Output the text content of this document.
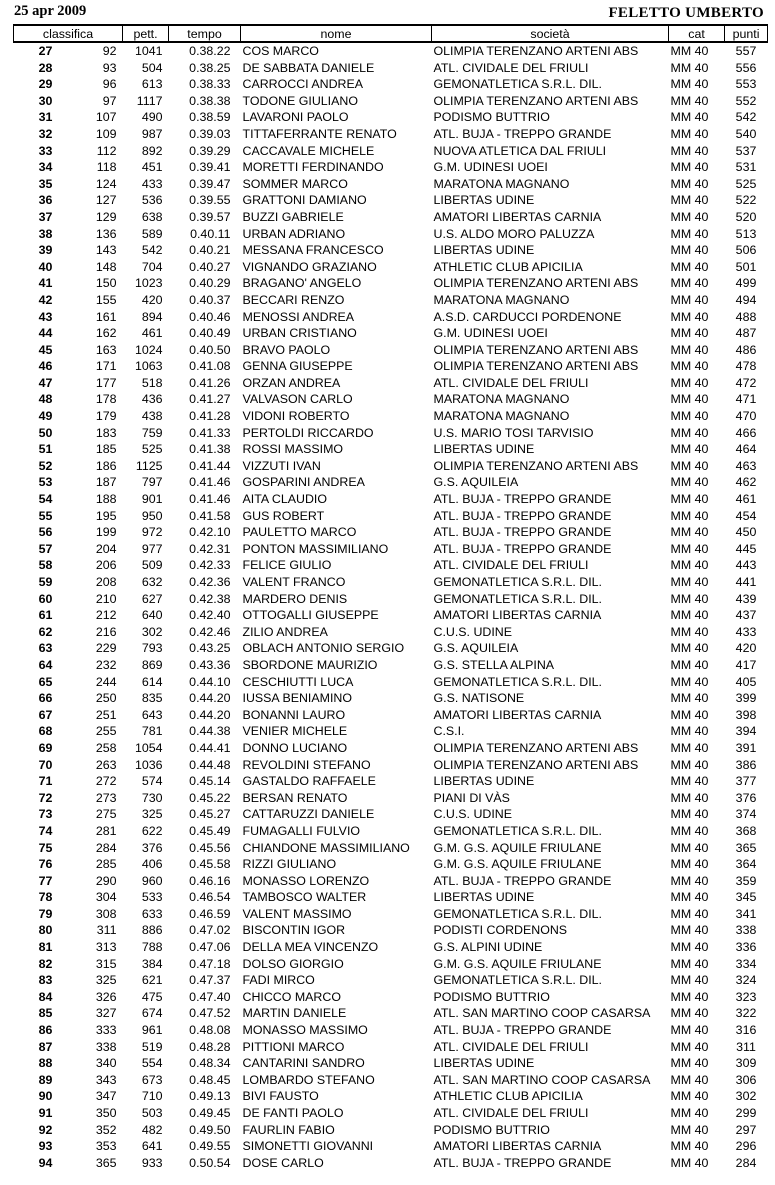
25 apr 2009	FELETTO UMBERTO
classifica		pett.	tempo	nome	società	cat	punti
27	92	1041	0.38.22	COS MARCO	OLIMPIA TERENZANO ARTENI ABS	MM 40	557
28	93	504	0.38.25	DE SABBATA DANIELE	ATL. CIVIDALE DEL FRIULI	MM 40	556
29	96	613	0.38.33	CARROCCI ANDREA	GEMONATLETICA S.R.L. DIL.	MM 40	553
30	97	1117	0.38.38	TODONE GIULIANO	OLIMPIA TERENZANO ARTENI ABS	MM 40	552
31	107	490	0.38.59	LAVARONI PAOLO	PODISMO BUTTRIO	MM 40	542
32	109	987	0.39.03	TITTAFERRANTE RENATO	ATL. BUJA - TREPPO GRANDE	MM 40	540
33	112	892	0.39.29	CACCAVALE MICHELE	NUOVA ATLETICA DAL FRIULI	MM 40	537
34	118	451	0.39.41	MORETTI FERDINANDO	G.M. UDINESI UOEI	MM 40	531
35	124	433	0.39.47	SOMMER MARCO	MARATONA MAGNANO	MM 40	525
36	127	536	0.39.55	GRATTONI DAMIANO	LIBERTAS UDINE	MM 40	522
37	129	638	0.39.57	BUZZI GABRIELE	AMATORI LIBERTAS CARNIA	MM 40	520
38	136	589	0.40.11	URBAN ADRIANO	U.S. ALDO MORO PALUZZA	MM 40	513
39	143	542	0.40.21	MESSANA FRANCESCO	LIBERTAS UDINE	MM 40	506
40	148	704	0.40.27	VIGNANDO GRAZIANO	ATHLETIC CLUB APICILIA	MM 40	501
41	150	1023	0.40.29	BRAGANO' ANGELO	OLIMPIA TERENZANO ARTENI ABS	MM 40	499
42	155	420	0.40.37	BECCARI RENZO	MARATONA MAGNANO	MM 40	494
43	161	894	0.40.46	MENOSSI ANDREA	A.S.D. CARDUCCI PORDENONE	MM 40	488
44	162	461	0.40.49	URBAN CRISTIANO	G.M. UDINESI UOEI	MM 40	487
45	163	1024	0.40.50	BRAVO PAOLO	OLIMPIA TERENZANO ARTENI ABS	MM 40	486
46	171	1063	0.41.08	GENNA GIUSEPPE	OLIMPIA TERENZANO ARTENI ABS	MM 40	478
47	177	518	0.41.26	ORZAN ANDREA	ATL. CIVIDALE DEL FRIULI	MM 40	472
48	178	436	0.41.27	VALVASON CARLO	MARATONA MAGNANO	MM 40	471
49	179	438	0.41.28	VIDONI ROBERTO	MARATONA MAGNANO	MM 40	470
50	183	759	0.41.33	PERTOLDI RICCARDO	U.S. MARIO TOSI TARVISIO	MM 40	466
51	185	525	0.41.38	ROSSI MASSIMO	LIBERTAS UDINE	MM 40	464
52	186	1125	0.41.44	VIZZUTI IVAN	OLIMPIA TERENZANO ARTENI ABS	MM 40	463
53	187	797	0.41.46	GOSPARINI ANDREA	G.S. AQUILEIA	MM 40	462
54	188	901	0.41.46	AITA CLAUDIO	ATL. BUJA - TREPPO GRANDE	MM 40	461
55	195	950	0.41.58	GUS ROBERT	ATL. BUJA - TREPPO GRANDE	MM 40	454
56	199	972	0.42.10	PAULETTO MARCO	ATL. BUJA - TREPPO GRANDE	MM 40	450
57	204	977	0.42.31	PONTON MASSIMILIANO	ATL. BUJA - TREPPO GRANDE	MM 40	445
58	206	509	0.42.33	FELICE GIULIO	ATL. CIVIDALE DEL FRIULI	MM 40	443
59	208	632	0.42.36	VALENT FRANCO	GEMONATLETICA S.R.L. DIL.	MM 40	441
60	210	627	0.42.38	MARDERO DENIS	GEMONATLETICA S.R.L. DIL.	MM 40	439
61	212	640	0.42.40	OTTOGALLI GIUSEPPE	AMATORI LIBERTAS CARNIA	MM 40	437
62	216	302	0.42.46	ZILIO ANDREA	C.U.S. UDINE	MM 40	433
63	229	793	0.43.25	OBLACH ANTONIO SERGIO	G.S. AQUILEIA	MM 40	420
64	232	869	0.43.36	SBORDONE MAURIZIO	G.S. STELLA ALPINA	MM 40	417
65	244	614	0.44.10	CESCHIUTTI LUCA	GEMONATLETICA S.R.L. DIL.	MM 40	405
66	250	835	0.44.20	IUSSA BENIAMINO	G.S. NATISONE	MM 40	399
67	251	643	0.44.20	BONANNI LAURO	AMATORI LIBERTAS CARNIA	MM 40	398
68	255	781	0.44.38	VENIER MICHELE	C.S.I.	MM 40	394
69	258	1054	0.44.41	DONNO LUCIANO	OLIMPIA TERENZANO ARTENI ABS	MM 40	391
70	263	1036	0.44.48	REVOLDINI STEFANO	OLIMPIA TERENZANO ARTENI ABS	MM 40	386
71	272	574	0.45.14	GASTALDO RAFFAELE	LIBERTAS UDINE	MM 40	377
72	273	730	0.45.22	BERSAN RENATO	PIANI DI VÀS	MM 40	376
73	275	325	0.45.27	CATTARUZZI DANIELE	C.U.S. UDINE	MM 40	374
74	281	622	0.45.49	FUMAGALLI FULVIO	GEMONATLETICA S.R.L. DIL.	MM 40	368
75	284	376	0.45.56	CHIANDONE MASSIMILIANO	G.M. G.S. AQUILE FRIULANE	MM 40	365
76	285	406	0.45.58	RIZZI GIULIANO	G.M. G.S. AQUILE FRIULANE	MM 40	364
77	290	960	0.46.16	MONASSO LORENZO	ATL. BUJA - TREPPO GRANDE	MM 40	359
78	304	533	0.46.54	TAMBOSCO WALTER	LIBERTAS UDINE	MM 40	345
79	308	633	0.46.59	VALENT MASSIMO	GEMONATLETICA S.R.L. DIL.	MM 40	341
80	311	886	0.47.02	BISCONTIN IGOR	PODISTI CORDENONS	MM 40	338
81	313	788	0.47.06	DELLA MEA VINCENZO	G.S. ALPINI UDINE	MM 40	336
82	315	384	0.47.18	DOLSO GIORGIO	G.M. G.S. AQUILE FRIULANE	MM 40	334
83	325	621	0.47.37	FADI MIRCO	GEMONATLETICA S.R.L. DIL.	MM 40	324
84	326	475	0.47.40	CHICCO MARCO	PODISMO BUTTRIO	MM 40	323
85	327	674	0.47.52	MARTIN DANIELE	ATL. SAN MARTINO COOP CASARSA	MM 40	322
86	333	961	0.48.08	MONASSO MASSIMO	ATL. BUJA - TREPPO GRANDE	MM 40	316
87	338	519	0.48.28	PITTIONI MARCO	ATL. CIVIDALE DEL FRIULI	MM 40	311
88	340	554	0.48.34	CANTARINI SANDRO	LIBERTAS UDINE	MM 40	309
89	343	673	0.48.45	LOMBARDO STEFANO	ATL. SAN MARTINO COOP CASARSA	MM 40	306
90	347	710	0.49.13	BIVI FAUSTO	ATHLETIC CLUB APICILIA	MM 40	302
91	350	503	0.49.45	DE FANTI PAOLO	ATL. CIVIDALE DEL FRIULI	MM 40	299
92	352	482	0.49.50	FAURLIN FABIO	PODISMO BUTTRIO	MM 40	297
93	353	641	0.49.55	SIMONETTI GIOVANNI	AMATORI LIBERTAS CARNIA	MM 40	296
94	365	933	0.50.54	DOSE CARLO	ATL. BUJA - TREPPO GRANDE	MM 40	284
